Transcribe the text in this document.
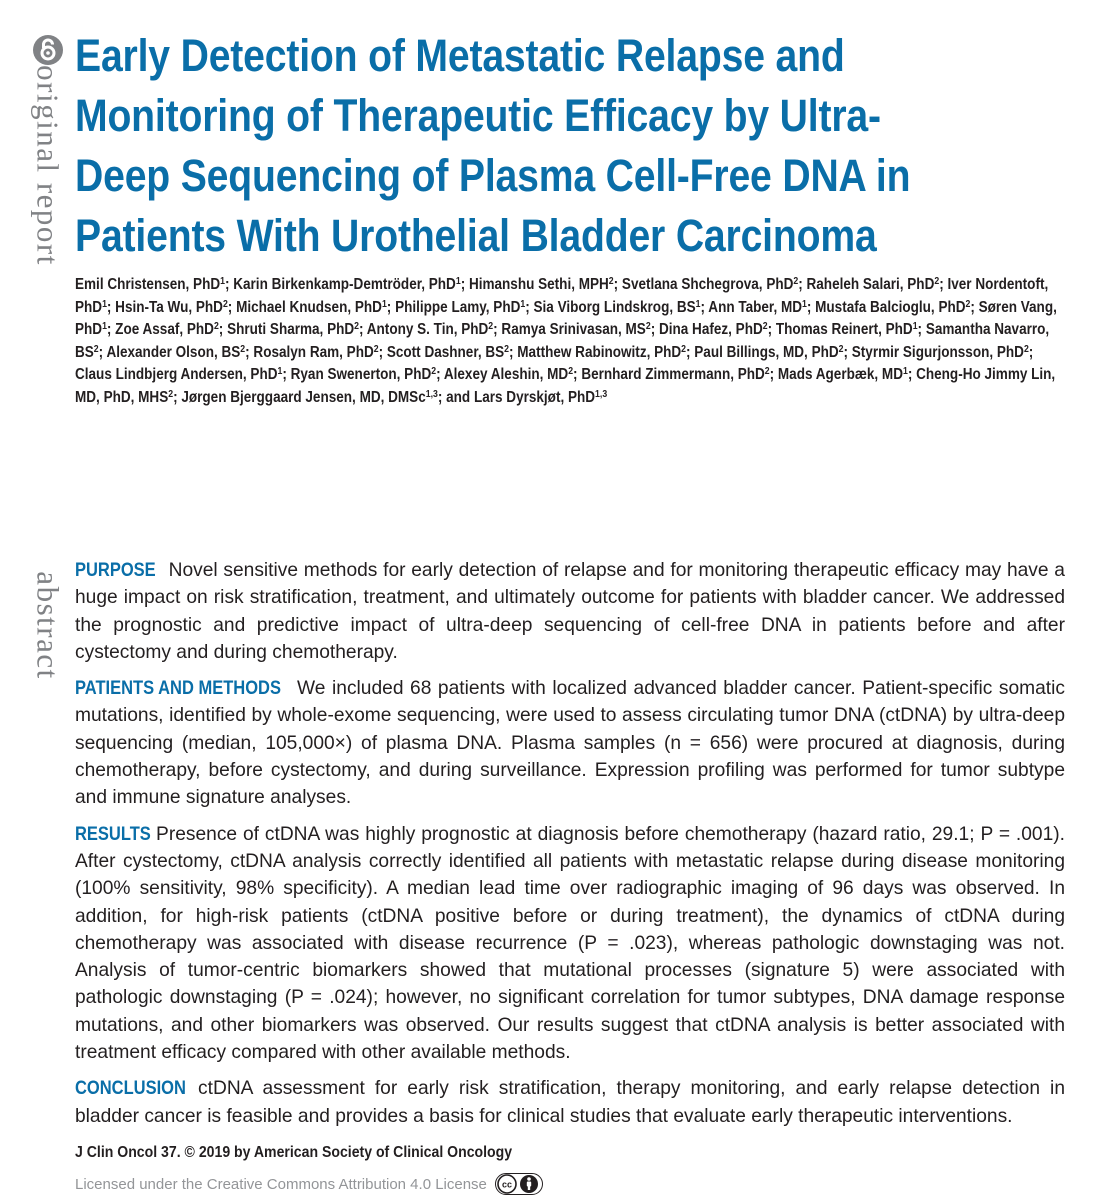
original report
abstract
Early Detection of Metastatic Relapse and Monitoring of Therapeutic Efficacy by Ultra-Deep Sequencing of Plasma Cell-Free DNA in Patients With Urothelial Bladder Carcinoma

Emil Christensen, PhD$^1$; Karin Birkenkamp-Demtröder, PhD$^1$; Himanshu Sethi, MPH$^2$; Svetlana Shchegrova, PhD$^2$; Raheleh Salari, PhD$^2$; Iver Nordentoft, PhD$^1$; Hsin-Ta Wu, PhD$^2$; Michael Knudsen, PhD$^1$; Philippe Lamy, PhD$^1$; Sia Viborg Lindskrog, $BS^1$; Ann Taber, $MD^1$; Mustafa Balcioglu, PhD$^2$; Søren Vang, PhD$^1$; Zoe Assaf, PhD$^2$; Shruti Sharma, PhD$^2$; Antony S. Tin, PhD$^2$; Ramya Srinivasan, $MS^2$; Dina Hafez, PhD$^2$; Thomas Reinert, PhD$^1$; Samantha Navarro, $BS^2$; Alexander Olson, $BS^2$; Rosalyn Ram, PhD$^2$; Scott Dashner, $BS^2$; Matthew Rabinowitz, PhD$^2$; Paul Billings, MD, PhD$^2$; Styrmir Sigurjonsson, PhD$^2$; Claus Lindbjerg Andersen, PhD$^1$; Ryan Swenerton, PhD$^2$; Alexey Aleshin, $MD^2$; Bernhard Zimmermann, PhD$^2$; Mads Agerbæk, $MD^1$; Cheng-Ho Jimmy Lin, MD, PhD, MHS$^2$; Jørgen Bjerggaard Jensen, MD, DMSc$^{1,3}$; and Lars Dyrskjøt, PhD$^{1,3}$

PURPOSE Novel sensitive methods for early detection of relapse and for monitoring therapeutic efficacy may have a huge impact on risk stratification, treatment, and ultimately outcome for patients with bladder cancer. We addressed the prognostic and predictive impact of ultra-deep sequencing of cell-free DNA in patients before and after cystectomy and during chemotherapy.

PATIENTS AND METHODS We included 68 patients with localized advanced bladder cancer. Patient-specific somatic mutations, identified by whole-exome sequencing, were used to assess circulating tumor DNA (ctDNA) by ultra-deep sequencing (median, 105,000×) of plasma DNA. Plasma samples (n = 656) were procured at diagnosis, during chemotherapy, before cystectomy, and during surveillance. Expression profiling was performed for tumor subtype and immune signature analyses.

RESULTS Presence of ctDNA was highly prognostic at diagnosis before chemotherapy (hazard ratio, 29.1; P = .001). After cystectomy, ctDNA analysis correctly identified all patients with metastatic relapse during disease monitoring (100% sensitivity, 98% specificity). A median lead time over radiographic imaging of 96 days was observed. In addition, for high-risk patients (ctDNA positive before or during treatment), the dynamics of ctDNA during chemotherapy was associated with disease recurrence (P = .023), whereas pathologic downstaging was not. Analysis of tumor-centric biomarkers showed that mutational processes (signature 5) were associated with pathologic downstaging (P = .024); however, no significant correlation for tumor subtypes, DNA damage response mutations, and other biomarkers was observed. Our results suggest that ctDNA analysis is better associated with treatment efficacy compared with other available methods.

CONCLUSION ctDNA assessment for early risk stratification, therapy monitoring, and early relapse detection in bladder cancer is feasible and provides a basis for clinical studies that evaluate early therapeutic interventions.

J Clin Oncol 37. © 2019 by American Society of Clinical Oncology

Licensed under the Creative Commons Attribution 4.0 License cc
